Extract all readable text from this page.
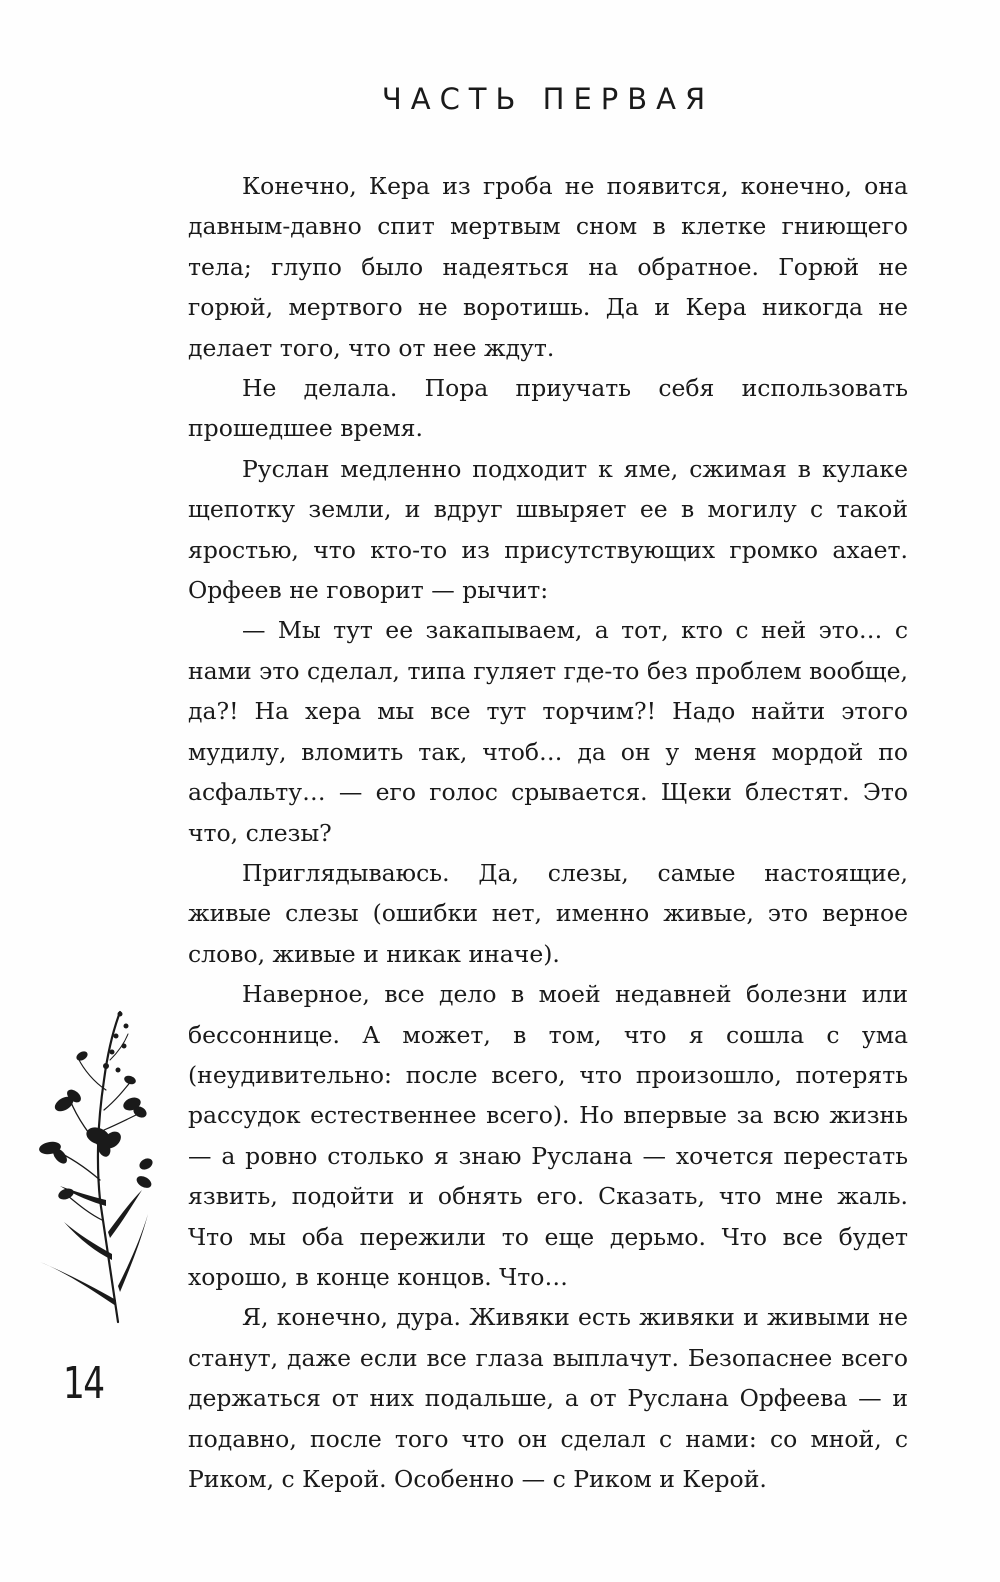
ЧАСТЬ ПЕРВАЯ

Конечно, Кера из гроба не появится, конечно, она давным-давно спит мертвым сном в клетке гниющего тела; глупо было надеяться на обратное. Горюй не горюй, мертвого не воротишь. Да и Кера никогда не делает того, что от нее ждут.

Не делала. Пора приучать себя использовать прошедшее время.

Руслан медленно подходит к яме, сжимая в кулаке щепотку земли, и вдруг швыряет ее в могилу с такой яростью, что кто-то из присутствующих громко ахает. Орфеев не говорит — рычит:

— Мы тут ее закапываем, а тот, кто с ней это… с нами это сделал, типа гуляет где-то без проблем вообще, да?! На хера мы все тут торчим?! Надо найти этого мудилу, вломить так, чтоб… да он у меня мордой по асфальту… — его голос срывается. Щеки блестят. Это что, слезы?

Приглядываюсь. Да, слезы, самые настоящие, живые слезы (ошибки нет, именно живые, это верное слово, живые и никак иначе).

Наверное, все дело в моей недавней болезни или бессоннице. А может, в том, что я сошла с ума (неудивительно: после всего, что произошло, потерять рассудок естественнее всего). Но впервые за всю жизнь — а ровно столько я знаю Руслана — хочется перестать язвить, подойти и обнять его. Сказать, что мне жаль. Что мы оба пережили то еще дерьмо. Что все будет хорошо, в конце концов. Что…

Я, конечно, дура. Живяки есть живяки и живыми не станут, даже если все глаза выплачут. Безопаснее всего держаться от них подальше, а от Руслана Орфеева — и подавно, после того что он сделал с нами: со мной, с Риком, с Керой. Особенно — с Риком и Керой.

14
